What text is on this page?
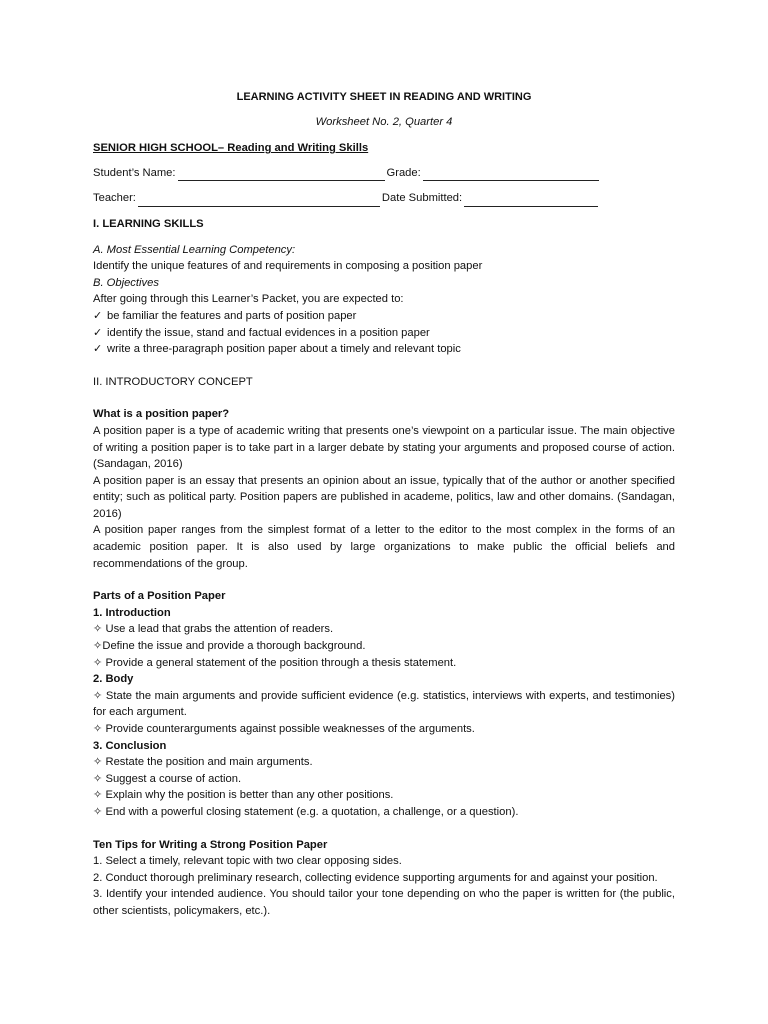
LEARNING ACTIVITY SHEET IN READING AND WRITING

Worksheet No. 2, Quarter 4

SENIOR HIGH SCHOOL– Reading and Writing Skills

Student’s Name:	Grade:
Teacher:	Date Submitted:

I. LEARNING SKILLS

A. Most Essential Learning Competency:

Identify the unique features of and requirements in composing a position paper

B. Objectives

After going through this Learner’s Packet, you are expected to:

✓ be familiar the features and parts of position paper

✓ identify the issue, stand and factual evidences in a position paper

✓ write a three-paragraph position paper about a timely and relevant topic

II. INTRODUCTORY CONCEPT

What is a position paper?

A position paper is a type of academic writing that presents one’s viewpoint on a particular issue. The main objective of writing a position paper is to take part in a larger debate by stating your arguments and proposed course of action. (Sandagan, 2016)

A position paper is an essay that presents an opinion about an issue, typically that of the author or another specified entity; such as political party. Position papers are published in academe, politics, law and other domains. (Sandagan, 2016)

A position paper ranges from the simplest format of a letter to the editor to the most complex in the forms of an academic position paper. It is also used by large organizations to make public the official beliefs and recommendations of the group.

Parts of a Position Paper

1. Introduction

✧ Use a lead that grabs the attention of readers.

✧Define the issue and provide a thorough background.

✧ Provide a general statement of the position through a thesis statement.

2. Body

✧ State the main arguments and provide sufficient evidence (e.g. statistics, interviews with experts, and testimonies) for each argument.

✧ Provide counterarguments against possible weaknesses of the arguments.

3. Conclusion

✧ Restate the position and main arguments.

✧ Suggest a course of action.

✧ Explain why the position is better than any other positions.

✧ End with a powerful closing statement (e.g. a quotation, a challenge, or a question).

Ten Tips for Writing a Strong Position Paper

1. Select a timely, relevant topic with two clear opposing sides.

2. Conduct thorough preliminary research, collecting evidence supporting arguments for and against your position.

3. Identify your intended audience. You should tailor your tone depending on who the paper is written for (the public, other scientists, policymakers, etc.).
